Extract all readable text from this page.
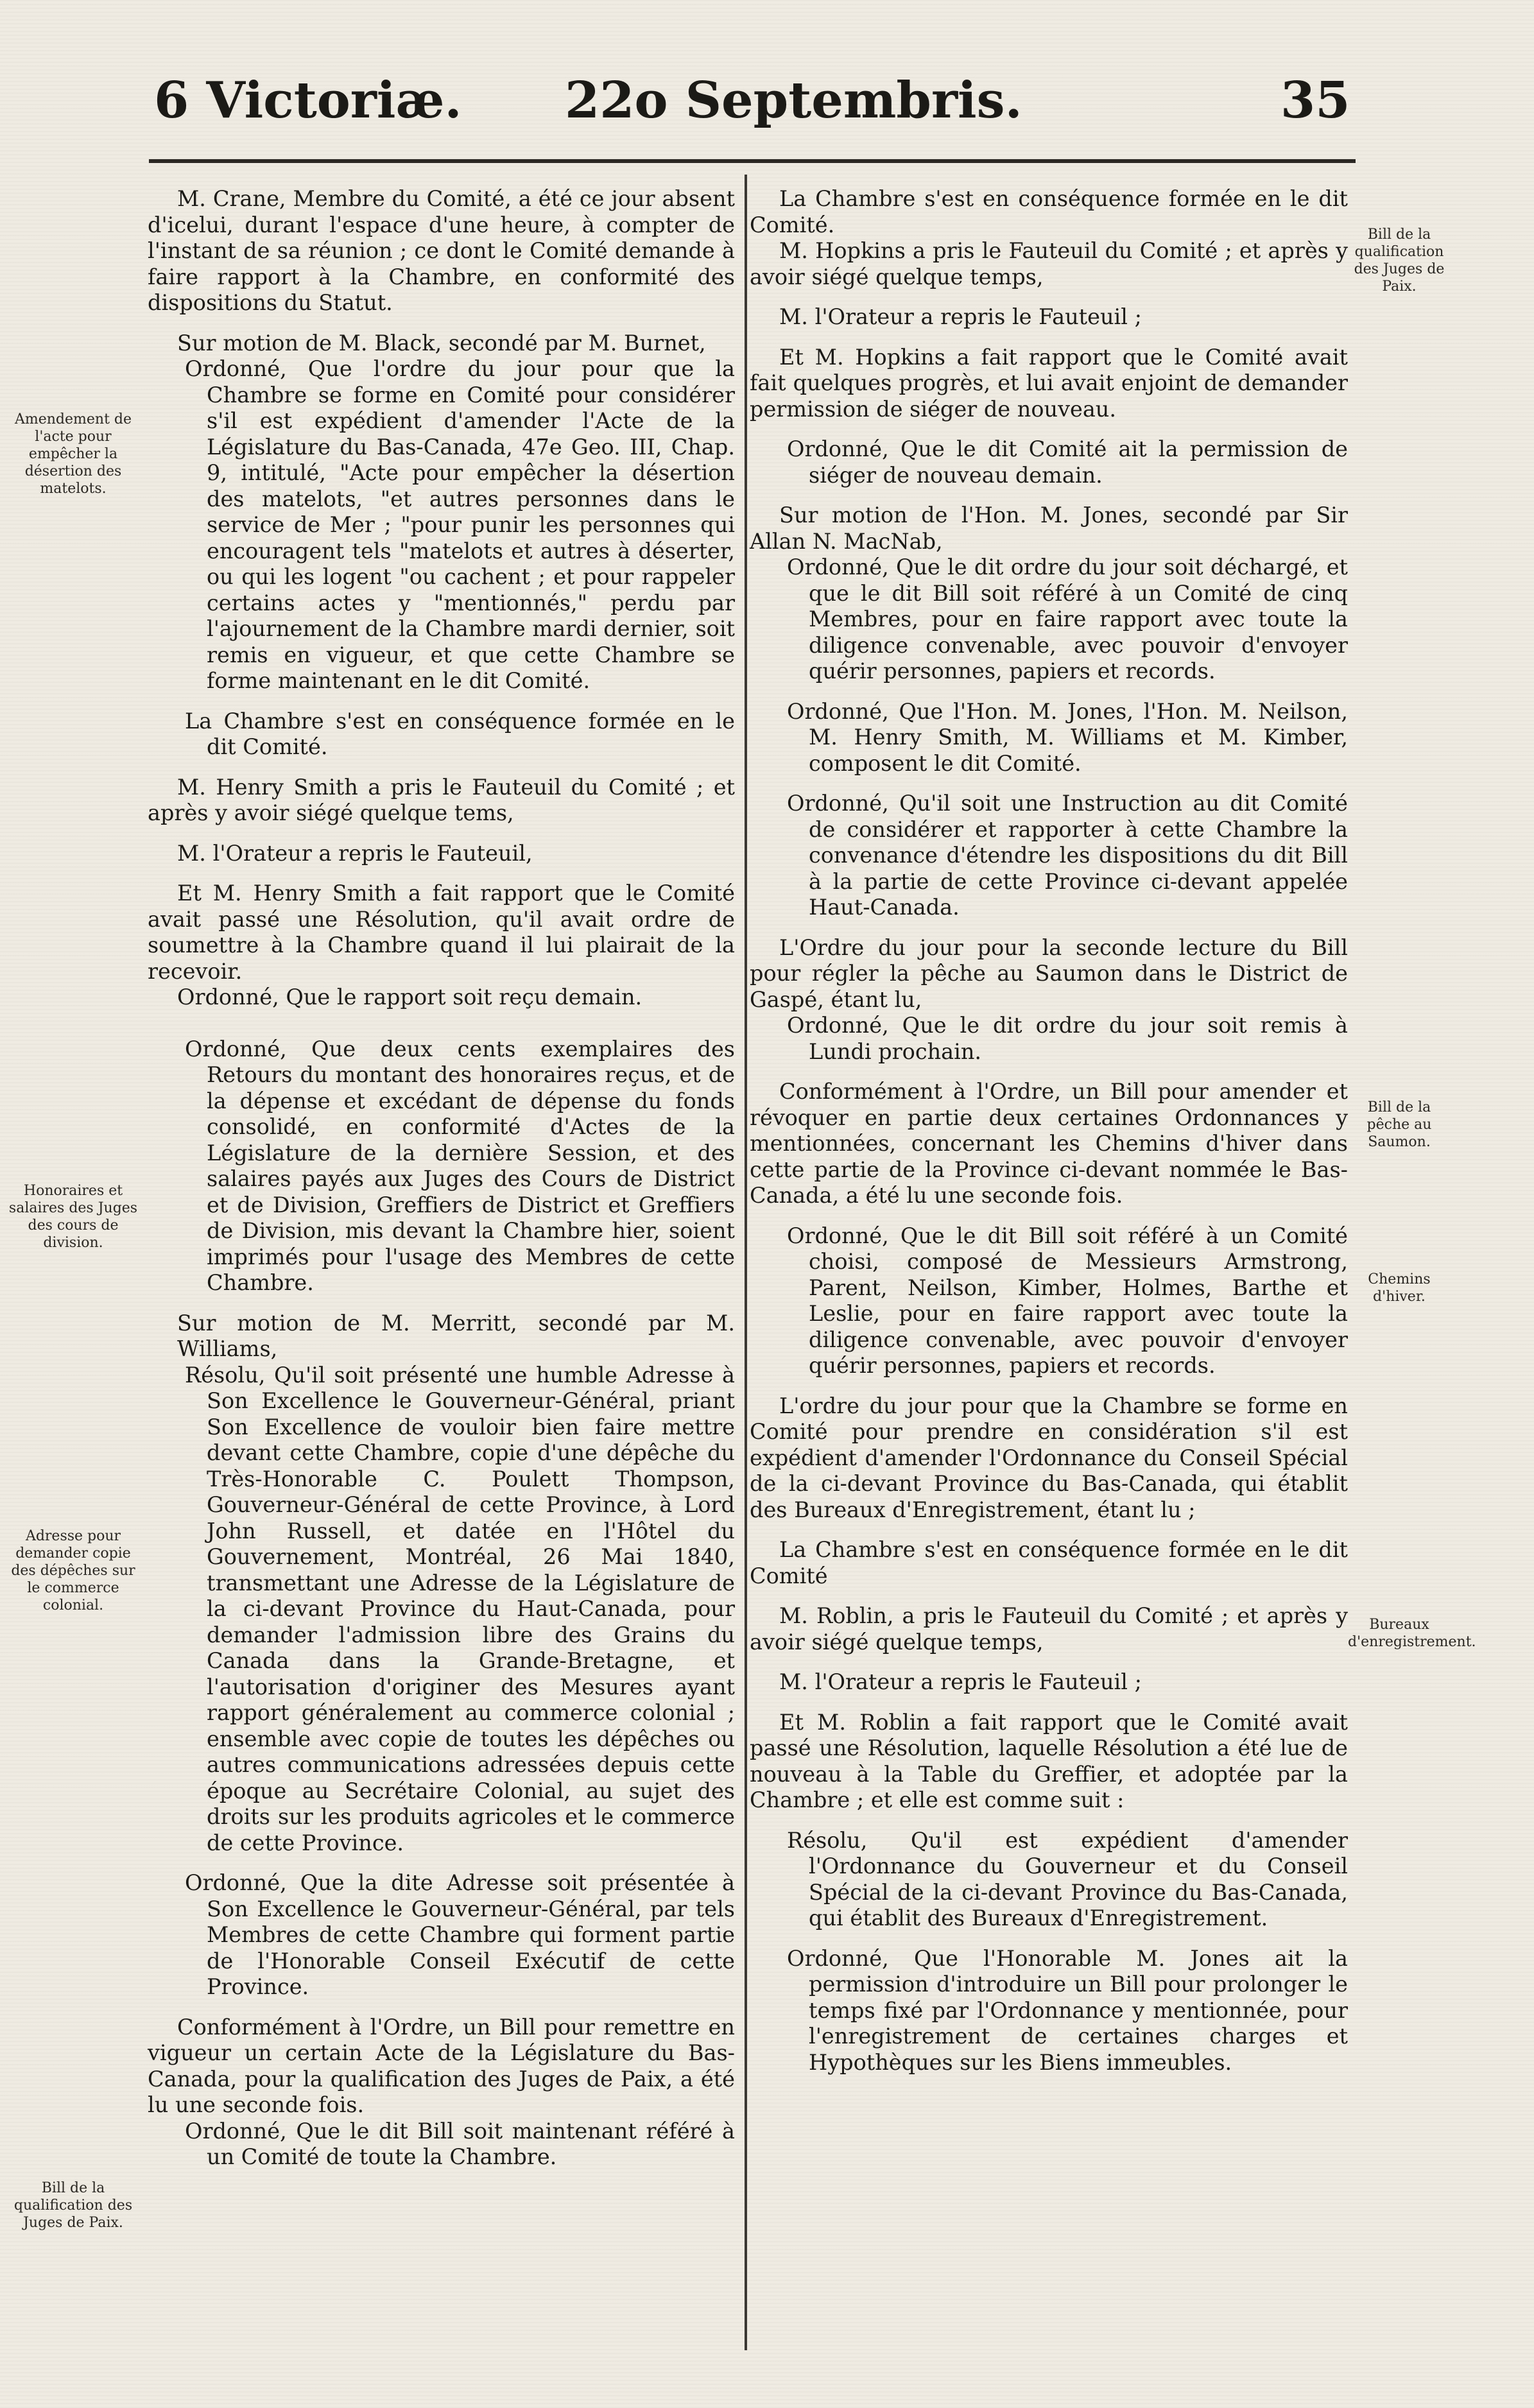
6 Victoriæ. 22o Septembris.	35
Amendement de l'acte pour empêcher la désertion des matelots.
Honoraires et salaires des Juges des cours de division.
Adresse pour demander copie des dépêches sur le commerce colonial.
Bill de la qualification des Juges de Paix.
Bill de la qualification des Juges de Paix.
Bill de la pêche au Saumon.
Chemins d'hiver.
Bureaux d'enregistrement.

M. Crane, Membre du Comité, a été ce jour absent d'icelui, durant l'espace d'une heure, à compter de l'instant de sa réunion ; ce dont le Comité demande à faire rapport à la Chambre, en conformité des dispositions du Statut.

Sur motion de M. Black, secondé par M. Burnet,

Ordonné, Que l'ordre du jour pour que la Chambre se forme en Comité pour considérer s'il est expédient d'amender l'Acte de la Législature du Bas-Canada, 47e Geo. III, Chap. 9, intitulé, "Acte pour empêcher la désertion des matelots, "et autres personnes dans le service de Mer ; "pour punir les personnes qui encouragent tels "matelots et autres à déserter, ou qui les logent "ou cachent ; et pour rappeler certains actes y "mentionnés," perdu par l'ajournement de la Chambre mardi dernier, soit remis en vigueur, et que cette Chambre se forme maintenant en le dit Comité.

La Chambre s'est en conséquence formée en le dit Comité.

M. Henry Smith a pris le Fauteuil du Comité ; et après y avoir siégé quelque tems,

M. l'Orateur a repris le Fauteuil,

Et M. Henry Smith a fait rapport que le Comité avait passé une Résolution, qu'il avait ordre de soumettre à la Chambre quand il lui plairait de la recevoir.

Ordonné, Que le rapport soit reçu demain.

Ordonné, Que deux cents exemplaires des Retours du montant des honoraires reçus, et de la dépense et excédant de dépense du fonds consolidé, en conformité d'Actes de la Législature de la dernière Session, et des salaires payés aux Juges des Cours de District et de Division, Greffiers de District et Greffiers de Division, mis devant la Chambre hier, soient imprimés pour l'usage des Membres de cette Chambre.

Sur motion de M. Merritt, secondé par M. Williams,

Résolu, Qu'il soit présenté une humble Adresse à Son Excellence le Gouverneur-Général, priant Son Excellence de vouloir bien faire mettre devant cette Chambre, copie d'une dépêche du Très-Honorable C. Poulett Thompson, Gouverneur-Général de cette Province, à Lord John Russell, et datée en l'Hôtel du Gouvernement, Montréal, 26 Mai 1840, transmettant une Adresse de la Législature de la ci-devant Province du Haut-Canada, pour demander l'admission libre des Grains du Canada dans la Grande-Bretagne, et l'autorisation d'originer des Mesures ayant rapport généralement au commerce colonial ; ensemble avec copie de toutes les dépêches ou autres communications adressées depuis cette époque au Secrétaire Colonial, au sujet des droits sur les produits agricoles et le commerce de cette Province.

Ordonné, Que la dite Adresse soit présentée à Son Excellence le Gouverneur-Général, par tels Membres de cette Chambre qui forment partie de l'Honorable Conseil Exécutif de cette Province.

Conformément à l'Ordre, un Bill pour remettre en vigueur un certain Acte de la Législature du Bas-Canada, pour la qualification des Juges de Paix, a été lu une seconde fois.

Ordonné, Que le dit Bill soit maintenant référé à un Comité de toute la Chambre.

La Chambre s'est en conséquence formée en le dit Comité.

M. Hopkins a pris le Fauteuil du Comité ; et après y avoir siégé quelque temps,

M. l'Orateur a repris le Fauteuil ;

Et M. Hopkins a fait rapport que le Comité avait fait quelques progrès, et lui avait enjoint de demander permission de siéger de nouveau.

Ordonné, Que le dit Comité ait la permission de siéger de nouveau demain.

Sur motion de l'Hon. M. Jones, secondé par Sir Allan N. MacNab,

Ordonné, Que le dit ordre du jour soit déchargé, et que le dit Bill soit référé à un Comité de cinq Membres, pour en faire rapport avec toute la diligence convenable, avec pouvoir d'envoyer quérir personnes, papiers et records.

Ordonné, Que l'Hon. M. Jones, l'Hon. M. Neilson, M. Henry Smith, M. Williams et M. Kimber, composent le dit Comité.

Ordonné, Qu'il soit une Instruction au dit Comité de considérer et rapporter à cette Chambre la convenance d'étendre les dispositions du dit Bill à la partie de cette Province ci-devant appelée Haut-Canada.

L'Ordre du jour pour la seconde lecture du Bill pour régler la pêche au Saumon dans le District de Gaspé, étant lu,

Ordonné, Que le dit ordre du jour soit remis à Lundi prochain.

Conformément à l'Ordre, un Bill pour amender et révoquer en partie deux certaines Ordonnances y mentionnées, concernant les Chemins d'hiver dans cette partie de la Province ci-devant nommée le Bas-Canada, a été lu une seconde fois.

Ordonné, Que le dit Bill soit référé à un Comité choisi, composé de Messieurs Armstrong, Parent, Neilson, Kimber, Holmes, Barthe et Leslie, pour en faire rapport avec toute la diligence convenable, avec pouvoir d'envoyer quérir personnes, papiers et records.

L'ordre du jour pour que la Chambre se forme en Comité pour prendre en considération s'il est expédient d'amender l'Ordonnance du Conseil Spécial de la ci-devant Province du Bas-Canada, qui établit des Bureaux d'Enregistrement, étant lu ;

La Chambre s'est en conséquence formée en le dit Comité

M. Roblin, a pris le Fauteuil du Comité ; et après y avoir siégé quelque temps,

M. l'Orateur a repris le Fauteuil ;

Et M. Roblin a fait rapport que le Comité avait passé une Résolution, laquelle Résolution a été lue de nouveau à la Table du Greffier, et adoptée par la Chambre ; et elle est comme suit :

Résolu, Qu'il est expédient d'amender l'Ordonnance du Gouverneur et du Conseil Spécial de la ci-devant Province du Bas-Canada, qui établit des Bureaux d'Enregistrement.

Ordonné, Que l'Honorable M. Jones ait la permission d'introduire un Bill pour prolonger le temps fixé par l'Ordonnance y mentionnée, pour l'enregistrement de certaines charges et Hypothèques sur les Biens immeubles.
